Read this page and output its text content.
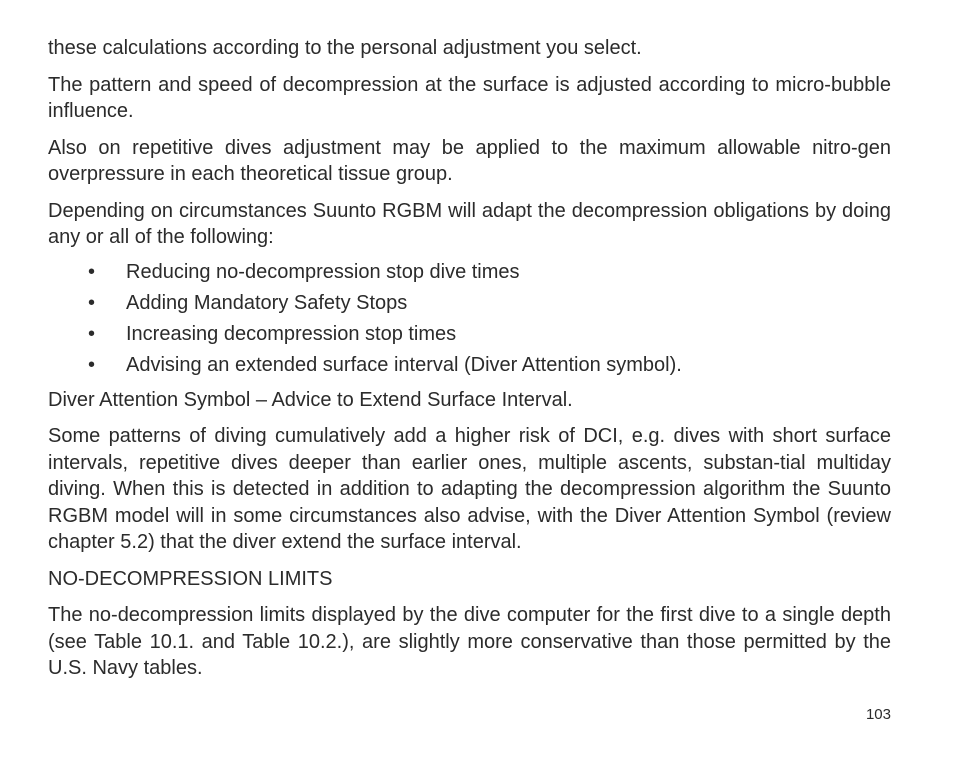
these calculations according to the personal adjustment you select.

The pattern and speed of decompression at the surface is adjusted according to micro-bubble influence.

Also on repetitive dives adjustment may be applied to the maximum allowable nitro-gen overpressure in each theoretical tissue group.

Depending on circumstances Suunto RGBM will adapt the decompression obligations by doing any or all of the following:

• Reducing no-decompression stop dive times
• Adding Mandatory Safety Stops
• Increasing decompression stop times
• Advising an extended surface interval (Diver Attention symbol).

Diver Attention Symbol – Advice to Extend Surface Interval.

Some patterns of diving cumulatively add a higher risk of DCI, e.g. dives with short surface intervals, repetitive dives deeper than earlier ones, multiple ascents, substan-tial multiday diving. When this is detected in addition to adapting the decompression algorithm the Suunto RGBM model will in some circumstances also advise, with the Diver Attention Symbol (review chapter 5.2) that the diver extend the surface interval.

NO-DECOMPRESSION LIMITS

The no-decompression limits displayed by the dive computer for the first dive to a single depth (see Table 10.1. and Table 10.2.), are slightly more conservative than those permitted by the U.S. Navy tables.

103
